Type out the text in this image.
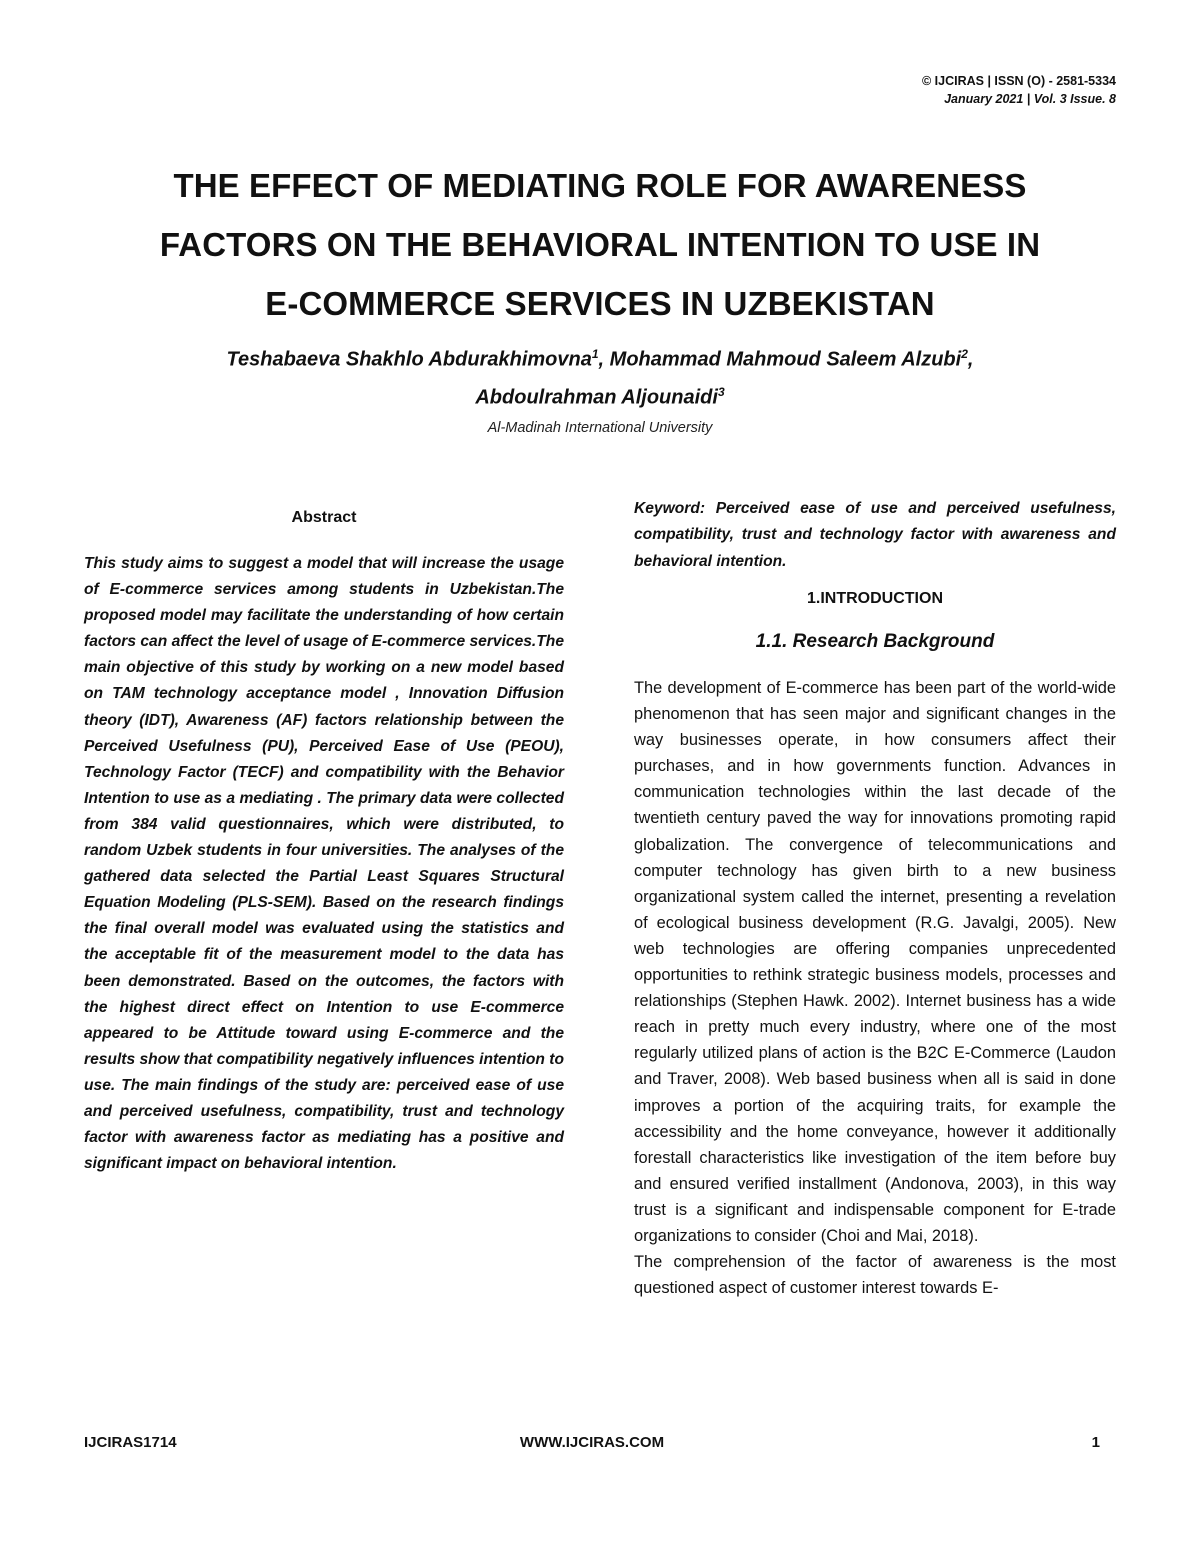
© IJCIRAS | ISSN (O) - 2581-5334
January 2021 | Vol. 3 Issue. 8
THE EFFECT OF MEDIATING ROLE FOR AWARENESS
FACTORS ON THE BEHAVIORAL INTENTION TO USE IN
E-COMMERCE SERVICES IN UZBEKISTAN
Teshabaeva Shakhlo Abdurakhimovna$^1$, Mohammad Mahmoud Saleem Alzubi$^2$,
Abdoulrahman Aljounaidi$^3$
Al-Madinah International University
Abstract

This study aims to suggest a model that will increase the usage of E-commerce services among students in Uzbekistan.The proposed model may facilitate the understanding of how certain factors can affect the level of usage of E-commerce services.The main objective of this study by working on a new model based on TAM technology acceptance model , Innovation Diffusion theory (IDT), Awareness (AF) factors relationship between the Perceived Usefulness (PU), Perceived Ease of Use (PEOU), Technology Factor (TECF) and compatibility with the Behavior Intention to use as a mediating . The primary data were collected from 384 valid questionnaires, which were distributed, to random Uzbek students in four universities. The analyses of the gathered data selected the Partial Least Squares Structural Equation Modeling (PLS-SEM). Based on the research findings the final overall model was evaluated using the statistics and the acceptable fit of the measurement model to the data has been demonstrated. Based on the outcomes, the factors with the highest direct effect on Intention to use E-commerce appeared to be Attitude toward using E-commerce and the results show that compatibility negatively influences intention to use. The main findings of the study are: perceived ease of use and perceived usefulness, compatibility, trust and technology factor with awareness factor as mediating has a positive and significant impact on behavioral intention.

Keyword: Perceived ease of use and perceived usefulness, compatibility, trust and technology factor with awareness and behavioral intention.

1.INTRODUCTION
1.1. Research Background

The development of E-commerce has been part of the world-wide phenomenon that has seen major and significant changes in the way businesses operate, in how consumers affect their purchases, and in how governments function. Advances in communication technologies within the last decade of the twentieth century paved the way for innovations promoting rapid globalization. The convergence of telecommunications and computer technology has given birth to a new business organizational system called the internet, presenting a revelation of ecological business development (R.G. Javalgi, 2005). New web technologies are offering companies unprecedented opportunities to rethink strategic business models, processes and relationships (Stephen Hawk. 2002). Internet business has a wide reach in pretty much every industry, where one of the most regularly utilized plans of action is the B2C E-Commerce (Laudon and Traver, 2008). Web based business when all is said in done improves a portion of the acquiring traits, for example the accessibility and the home conveyance, however it additionally forestall characteristics like investigation of the item before buy and ensured verified installment (Andonova, 2003), in this way trust is a significant and indispensable component for E-trade organizations to consider (Choi and Mai, 2018).

The comprehension of the factor of awareness is the most questioned aspect of customer interest towards E-

IJCIRAS1714	WWW.IJCIRAS.COM	1
